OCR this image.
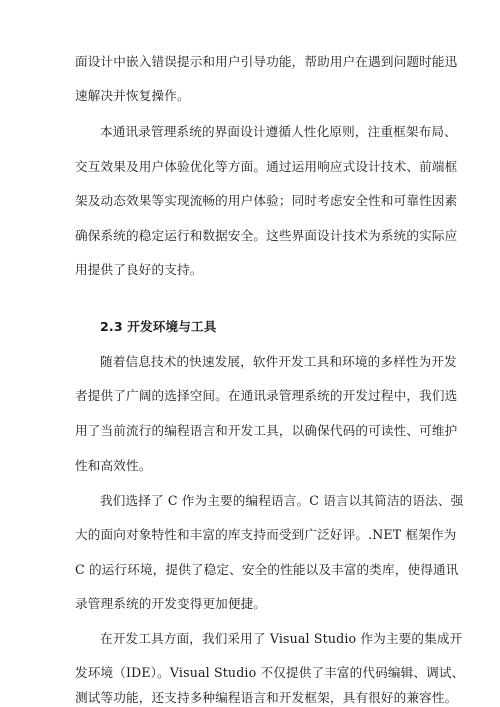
面设计中嵌入错误提示和用户引导功能，帮助用户在遇到问题时能迅
速解决并恢复操作。
本通讯录管理系统的界面设计遵循人性化原则，注重框架布局、
交互效果及用户体验优化等方面。通过运用响应式设计技术、前端框
架及动态效果等实现流畅的用户体验；同时考虑安全性和可靠性因素
确保系统的稳定运行和数据安全。这些界面设计技术为系统的实际应
用提供了良好的支持。
2.3 开发环境与工具
随着信息技术的快速发展，软件开发工具和环境的多样性为开发
者提供了广阔的选择空间。在通讯录管理系统的开发过程中，我们选
用了当前流行的编程语言和开发工具，以确保代码的可读性、可维护
性和高效性。
我们选择了 C 作为主要的编程语言。C 语言以其简洁的语法、强
大的面向对象特性和丰富的库支持而受到广泛好评。.NET 框架作为
C 的运行环境，提供了稳定、安全的性能以及丰富的类库，使得通讯
录管理系统的开发变得更加便捷。
在开发工具方面，我们采用了 Visual Studio 作为主要的集成开
发环境（IDE）。Visual Studio 不仅提供了丰富的代码编辑、调试、
测试等功能，还支持多种编程语言和开发框架，具有很好的兼容性。
